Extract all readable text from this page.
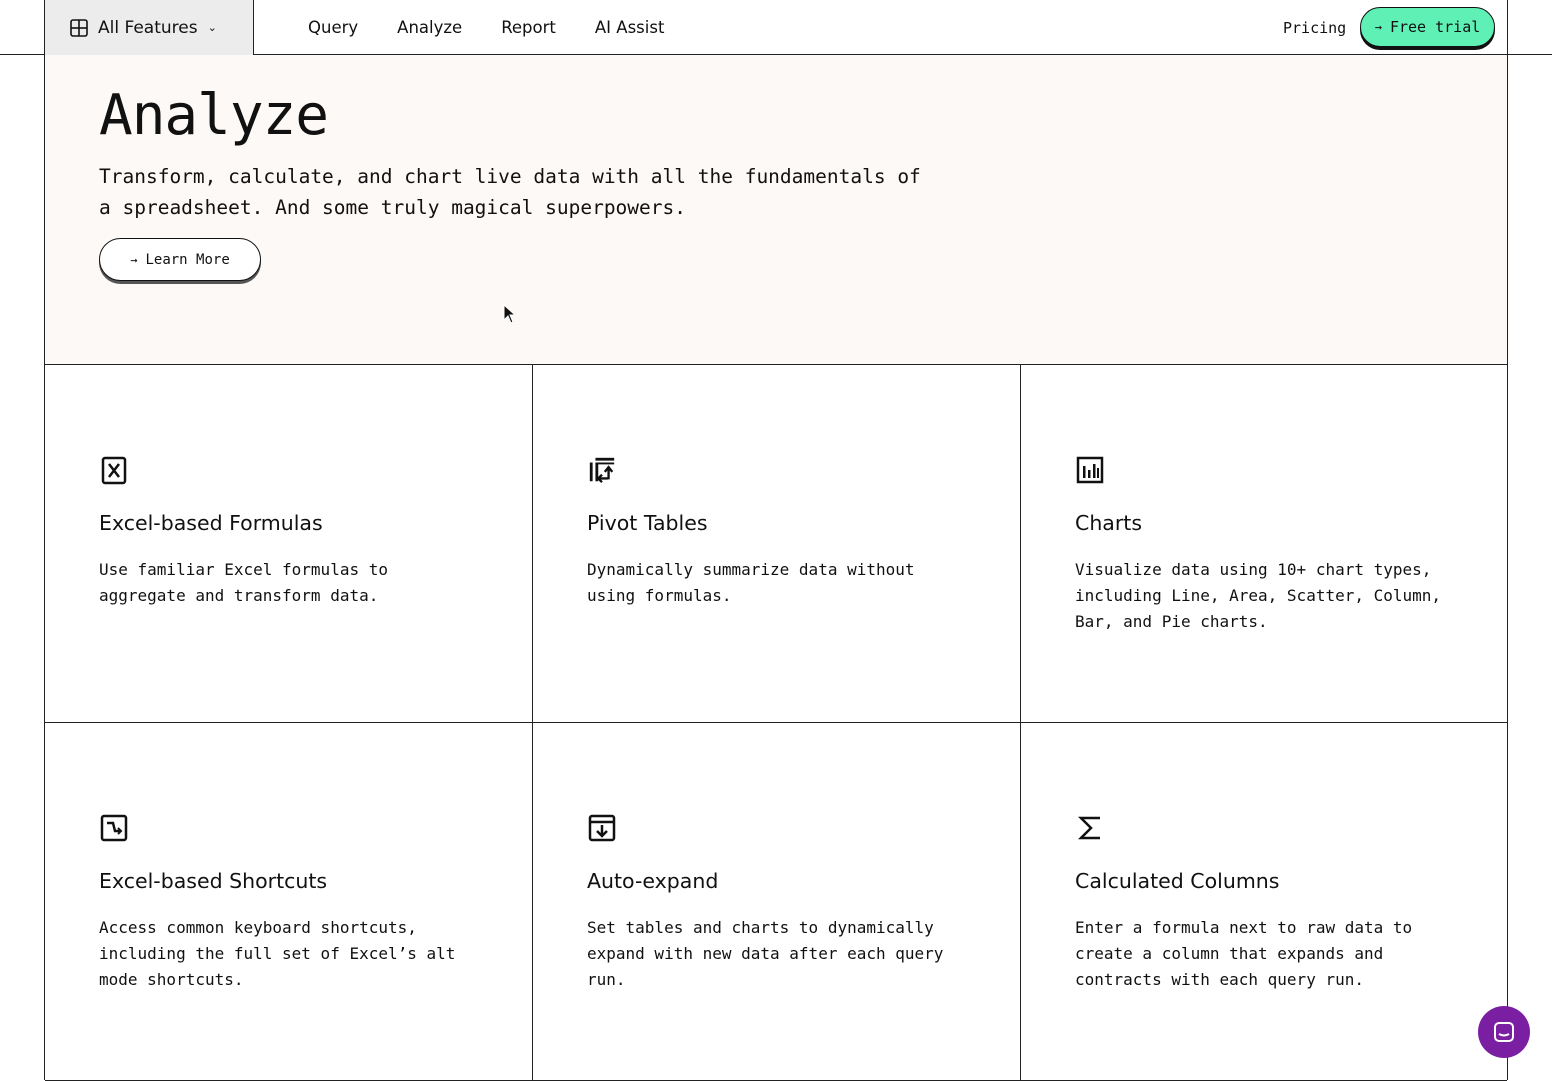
All Features ⌄	Query Analyze Report AI Assist	Pricing → Free trial
Analyze

Transform, calculate, and chart live data with all the fundamentals of a spreadsheet. And some truly magical superpowers.

→ Learn More
Excel-based Formulas

Use familiar Excel formulas to aggregate and transform data.

Pivot Tables

Dynamically summarize data without using formulas.

Charts

Visualize data using 10+ chart types, including Line, Area, Scatter, Column, Bar, and Pie charts.

Excel-based Shortcuts

Access common keyboard shortcuts, including the full set of Excel’s alt mode shortcuts.

Auto-expand

Set tables and charts to dynamically expand with new data after each query run.

Calculated Columns

Enter a formula next to raw data to create a column that expands and contracts with each query run.
